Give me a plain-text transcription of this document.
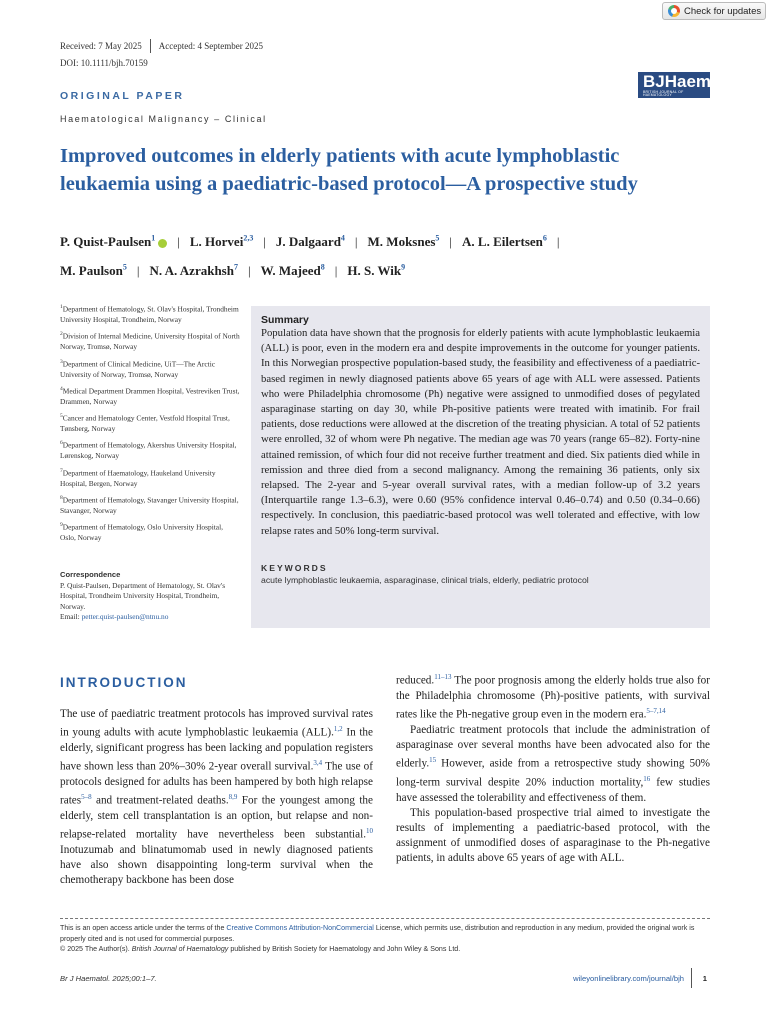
Check for updates
Received: 7 May 2025 Accepted: 4 September 2025
DOI: 10.1111/bjh.70159
BJHaem
BRITISH JOURNAL OF HAEMATOLOGY
ORIGINAL PAPER
Haematological Malignancy – Clinical
Improved outcomes in elderly patients with acute lymphoblastic leukaemia using a paediatric-based protocol—A prospective study
P. Quist-Paulsen$^1$ | L. Horvei$^{2,3}$ | J. Dalgaard$^4$ | M. Moksnes$^5$ | A. L. Eilertsen$^6$ |
M. Paulson$^5$ | N. A. Azrakhsh$^7$ | W. Majeed$^8$ | H. S. Wik$^9$
$^1$Department of Hematology, St. Olav's Hospital, Trondheim University Hospital, Trondheim, Norway
$^2$Division of Internal Medicine, University Hospital of North Norway, Tromsø, Norway
$^3$Department of Clinical Medicine, UiT—The Arctic University of Norway, Tromsø, Norway
$^4$Medical Department Drammen Hospital, Vestreviken Trust, Drammen, Norway
$^5$Cancer and Hematology Center, Vestfold Hospital Trust, Tønsberg, Norway
$^6$Department of Hematology, Akershus University Hospital, Lørenskog, Norway
$^7$Department of Haematology, Haukeland University Hospital, Bergen, Norway
$^8$Department of Hematology, Stavanger University Hospital, Stavanger, Norway
$^9$Department of Hematology, Oslo University Hospital, Oslo, Norway
Correspondence
P. Quist-Paulsen, Department of Hematology, St. Olav's Hospital, Trondheim University Hospital, Trondheim, Norway.
Email: petter.quist-paulsen@ntnu.no
Summary

Population data have shown that the prognosis for elderly patients with acute lymphoblastic leukaemia (ALL) is poor, even in the modern era and despite improvements in the outcome for younger patients. In this Norwegian prospective population-based study, the feasibility and effectiveness of a paediatric-based regimen in newly diagnosed patients above 65 years of age with ALL were assessed. Patients who were Philadelphia chromosome (Ph) negative were assigned to unmodified doses of pegylated asparaginase starting on day 30, while Ph-positive patients were treated with imatinib. For frail patients, dose reductions were allowed at the discretion of the treating physician. A total of 52 patients were enrolled, 32 of whom were Ph negative. The median age was 70 years (range 65–82). Forty-nine attained remission, of which four did not receive further treatment and died. Six patients died while in remission and three died from a second malignancy. Among the remaining 36 patients, only six relapsed. The 2-year and 5-year overall survival rates, with a median follow-up of 3.2 years (Interquartile range 1.3–6.3), were 0.60 (95% confidence interval 0.46–0.74) and 0.50 (0.34–0.66) respectively. In conclusion, this paediatric-based protocol was well tolerated and effective, with low relapse rates and 50% long-term survival.

KEYWORDS
acute lymphoblastic leukaemia, asparaginase, clinical trials, elderly, pediatric protocol
INTRODUCTION

The use of paediatric treatment protocols has improved survival rates in young adults with acute lymphoblastic leukaemia (ALL).$^{1,2}$ In the elderly, significant progress has been lacking and population registers have shown less than 20%–30% 2-year overall survival.$^{3,4}$ The use of protocols designed for adults has been hampered by both high relapse rates$^{5-8}$ and treatment-related deaths.$^{8,9}$ For the youngest among the elderly, stem cell transplantation is an option, but relapse and non-relapse-related mortality have nevertheless been substantial.$^{10}$ Inotuzumab and blinatumomab used in newly diagnosed patients have also shown disappointing long-term survival when the chemotherapy backbone has been dose

reduced.$^{11-13}$ The poor prognosis among the elderly holds true also for the Philadelphia chromosome (Ph)-positive patients, with survival rates like the Ph-negative group even in the modern era.$^{5-7,14}$

Paediatric treatment protocols that include the administration of asparaginase over several months have been advocated also for the elderly.$^{15}$ However, aside from a retrospective study showing 50% long-term survival despite 20% induction mortality,$^{16}$ few studies have assessed the tolerability and effectiveness of them.

This population-based prospective trial aimed to investigate the results of implementing a paediatric-based protocol, with the assignment of unmodified doses of asparaginase to the Ph-negative patients, in adults above 65 years of age with ALL.

This is an open access article under the terms of the Creative Commons Attribution-NonCommercial License, which permits use, distribution and reproduction in any medium, provided the original work is properly cited and is not used for commercial purposes.
© 2025 The Author(s). British Journal of Haematology published by British Society for Haematology and John Wiley & Sons Ltd.
Br J Haematol. 2025;00:1–7.	wileyonlinelibrary.com/journal/bjh 1
